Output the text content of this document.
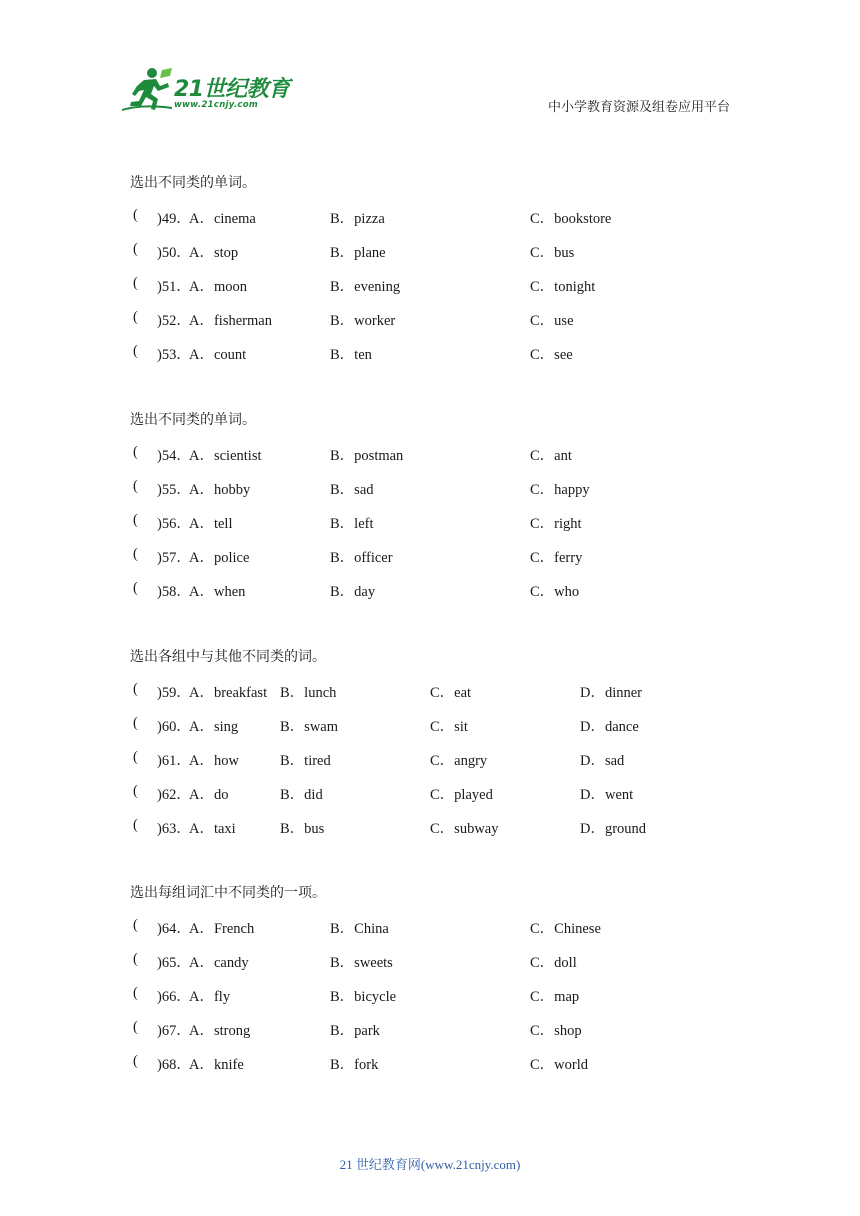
21世纪教育
www.21cnjy.com	中小学教育资源及组卷应用平台
选出不同类的单词。
( )49．
A．cinema	B．pizza	C．bookstore
( )50．
A．stop	B．plane	C．bus
( )51．
A．moon	B．evening	C．tonight
( )52．
A．fisherman	B．worker	C．use
( )53．
A．count	B．ten	C．see
选出不同类的单词。
( )54．
A．scientist	B．postman	C．ant
( )55．
A．hobby	B．sad	C．happy
( )56．
A．tell	B．left	C．right
( )57．
A．police	B．officer	C．ferry
( )58．
A．when	B．day	C．who
选出各组中与其他不同类的词。
( )59．
A．breakfast B．lunch	C．eat	D．dinner
( )60．
A．sing	B．swam	C．sit	D．dance
( )61．
A．how	B．tired	C．angry	D．sad
( )62．
A．do	B．did	C．played	D．went
( )63．
A．taxi	B．bus	C．subway	D．ground
选出每组词汇中不同类的一项。
( )64．
A．French	B．China	C．Chinese
( )65．
A．candy	B．sweets	C．doll
( )66．
A．fly	B．bicycle	C．map
( )67．
A．strong	B．park	C．shop
( )68．
A．knife	B．fork	C．world
21 世纪教育网(www.21cnjy.com)
